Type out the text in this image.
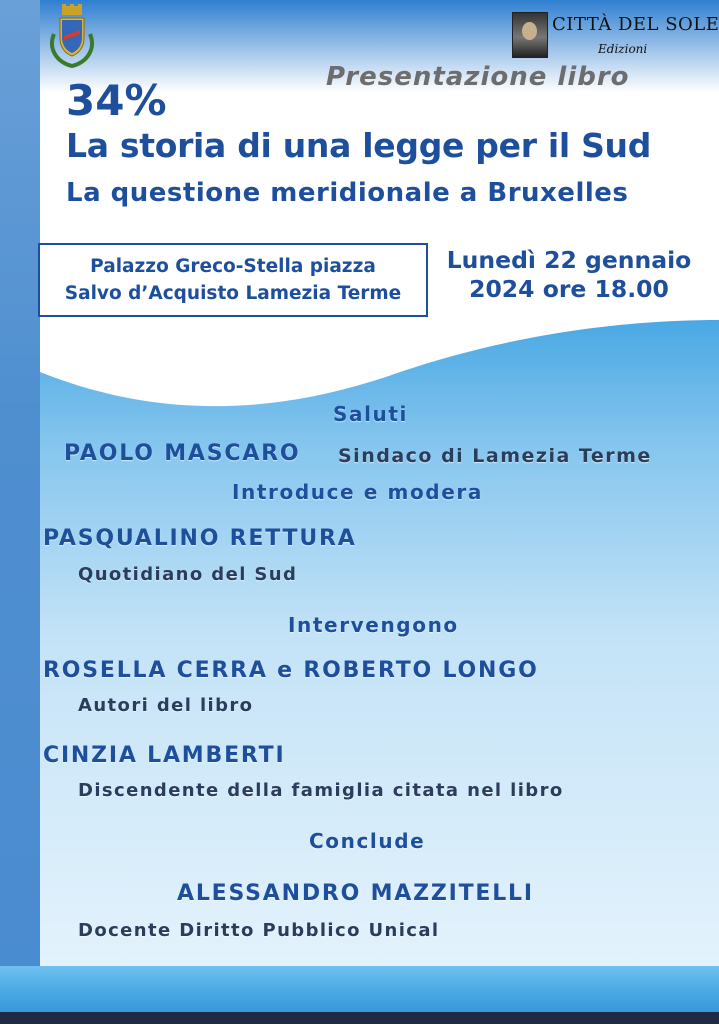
CITTÀ DEL SOLE
Edizioni
Presentazione libro
34%
La storia di una legge per il Sud
La questione meridionale a Bruxelles
Palazzo Greco-Stella piazza
Salvo d’Acquisto Lamezia Terme
Lunedì 22 gennaio
2024 ore 18.00
Saluti
PAOLO MASCARO Sindaco di Lamezia Terme
Introduce e modera
PASQUALINO RETTURA
Quotidiano del Sud
Intervengono
ROSELLA CERRA e ROBERTO LONGO
Autori del libro
CINZIA LAMBERTI
Discendente della famiglia citata nel libro
Conclude
ALESSANDRO MAZZITELLI
Docente Diritto Pubblico Unical
